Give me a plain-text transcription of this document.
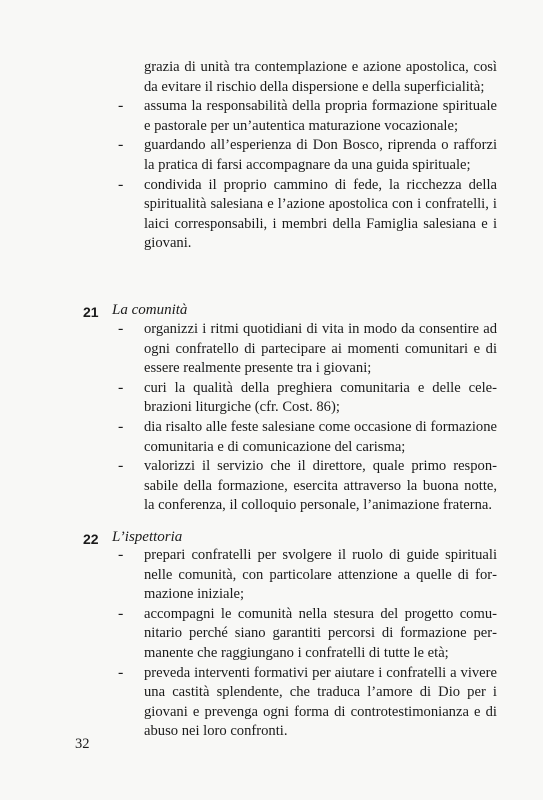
grazia di unità tra contemplazione e azione apostolica, così da evitare il rischio della dispersione e della superficialità;

-	assuma la responsabilità della propria formazione spirituale e pastorale per un’autentica maturazione vocazionale;

-	guardando all’esperienza di Don Bosco, riprenda o rafforzi la pratica di farsi accompagnare da una guida spirituale;

-	condivida il proprio cammino di fede, la ricchezza della spiritualità salesiana e l’azione apostolica con i confratelli, i laici corresponsabili, i membri della Famiglia salesiana e i giovani.

21 La comunità
-	organizzi i ritmi quotidiani di vita in modo da consentire ad ogni confratello di partecipare ai momenti comunitari e di essere realmente presente tra i giovani;

-	curi la qualità della preghiera comunitaria e delle celebrazioni liturgiche (cfr. Cost. 86);

-	dia risalto alle feste salesiane come occasione di formazione comunitaria e di comunicazione del carisma;

-	valorizzi il servizio che il direttore, quale primo responsabile della formazione, esercita attraverso la buona notte, la conferenza, il colloquio personale, l’animazione fraterna.

22 L’ispettoria
-	prepari confratelli per svolgere il ruolo di guide spirituali nelle comunità, con particolare attenzione a quelle di formazione iniziale;

-	accompagni le comunità nella stesura del progetto comunitario perché siano garantiti percorsi di formazione permanente che raggiungano i confratelli di tutte le età;

-	preveda interventi formativi per aiutare i confratelli a vivere una castità splendente, che traduca l’amore di Dio per i giovani e prevenga ogni forma di controtestimonianza e di abuso nei loro confronti.

32
